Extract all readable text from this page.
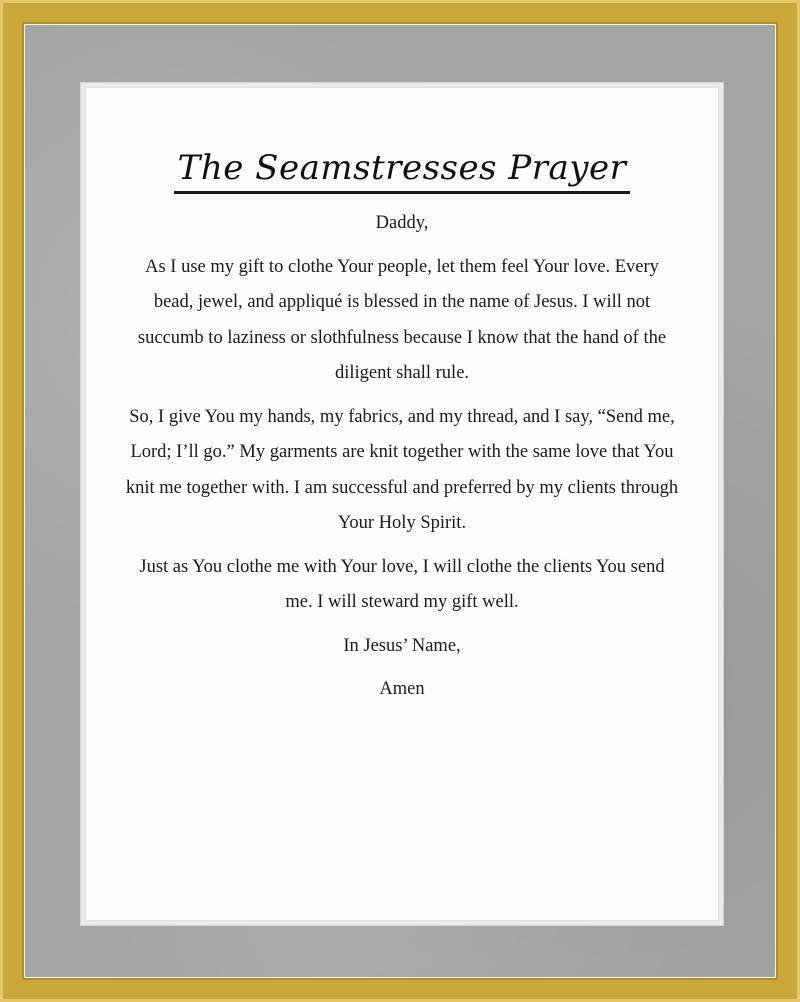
The Seamstresses Prayer
Daddy,
As I use my gift to clothe Your people, let them feel Your love. Every bead, jewel, and appliqué is blessed in the name of Jesus. I will not succumb to laziness or slothfulness because I know that the hand of the diligent shall rule.
So, I give You my hands, my fabrics, and my thread, and I say, “Send me, Lord; I’ll go.” My garments are knit together with the same love that You knit me together with. I am successful and preferred by my clients through Your Holy Spirit.
Just as You clothe me with Your love, I will clothe the clients You send me. I will steward my gift well.
In Jesus’ Name,
Amen
